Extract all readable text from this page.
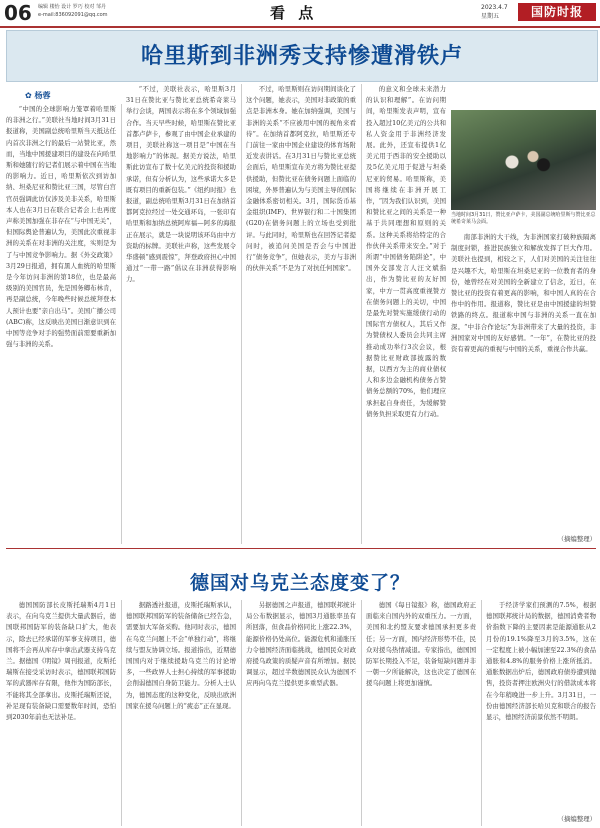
06 编辑 楼怡 设计 罗巧 校对 邹丹
e-mail:836092091@qq.com	看 点	2023.4.7
星期五	国防时报
哈里斯到非洲秀支持惨遭滑铁卢
✿ 杨蓉

“中国的全球影响力笼罩着哈里斯的非洲之行。”美联社当地时间3月31日报道称，美国副总统哈里斯当天抵达任内首次非洲之行的最后一站赞比亚，然而，当地中国援建项目的建设在向哈里斯和她随行的记者们展示着中国在当地的影响力。近日，哈里斯依次到访加纳、坦桑尼亚和赞比亚三国，尽管白宫官员强调此访仅涉及美非关系，哈里斯本人也在3月日在联合记者会上也再度声称美国加强在非存在“与中国无关”，但国际舆论普遍认为，美国此次重视非洲的关系在对非洲的关注度，实则是为了与中国竞争影响力。据《外交政策》3月29日报道，拥有黑人血统的哈里斯是今年访问非洲的第18位，也是最高级别的美国官员，先是国务卿布林肯，再是副总统，今年晚些时候总统拜登本人预计也要“亲自出马”。美国广播公司(ABC)称，这反映出美国日渐意识到在中国等竞争对手的强势面前需要重新加强与非洲的关系。

“不过，美联社表示，哈里斯3月31日在赞比亚与赞比亚总统希奇莱马举行会谈，两国表示将在多个领域加强合作。当天早些时候，哈里斯在赞比亚首都卢萨卡，参观了由中国企业承建的项目，美联社称这一项目是“中国在当地影响力”的体现。据美方说法，哈里斯此访宣布了数十亿美元的投资和援助承诺，但有分析认为，这些承诺大多是既有项目的重新包装。”《纽约时报》也报道，副总统哈里斯3月31日在加纳首都阿克拉经过一处交通环岛，一张印有哈里斯和加纳总统阿库福—阿多的海报正在展示，就是一块说明该环岛由中方资助的标牌。美联社声称，这些发展令华盛顿“感到震惊”，拜登政府担心中国通过“一带一路”倡议在非洲获得影响力。

不过，哈里斯则在访问期间谈化了这个问题，她表示，美国对非政策的重点是非洲本身。她在加纳强调，美国与非洲的关系“不应被用中国的视角来看待”。在加纳首都阿克拉，哈里斯还专门前往一家由中国企业建设的体育场附近发表讲话。在3月31日与赞比亚总统会面后，哈里斯宣布美方将为赞比亚提供援助，但赞比亚在债务问题上面临的困境，外界普遍认为与美国主导的国际金融体系密切相关。3月，国际货币基金组织(IMF)、世界银行和二十国集团(G20)在债务问题上的立场也受到批评。与此同时，哈里斯也在回答记者提问时，被追问美国是否会与中国进行“债务竞争”，但她表示，美方与非洲的伙伴关系“不是为了对抗任何国家”。

的意义和全球未来潜力的认识和理解”。在访问期间，哈里斯发表声明，宣布投入超过10亿美元的公共和私人资金用于非洲经济发展。此外，还宣布提供1亿美元用于西非的安全援助以及5亿美元用于促进与坦桑尼亚的贸易。哈里斯称，美国将继续在非洲开展工作，“因为我们认识到，美国和赞比亚之间的关系是一种基于共同理想和原则的关系。这种关系将给特定的合作伙伴关系带来安全。”对于所谓“中国债务陷阱论”，中国外交部发言人汪文斌指出，作为赞比亚的友好国家，中方一贯高度重视赞方在债务问题上的关切，中国是最先对赞实施缓债行动的国际官方债权人，其后又作为赞债权人委员会共同主席推动成功举行3次会议，根据赞比亚财政部披露的数据，以西方为主的商业债权人和多边金融机构债务占赞债务总额的70%，他们理应承担起自身责任，为缓解赞债务负担采取更有力行动。

当地时间3月31日，赞比亚卢萨卡，美国副总统哈里斯与赞比亚总统希奇莱马会面。

南部非洲的大干线，为非洲国家打破种族隔离制度封锁，推进民族独立和解放发挥了巨大作用。美联社也提到，相较之下，人们对美国的关注往往是兴趣不大，哈里斯在坦桑尼亚的一位教育者的身份，她曾经在对美国的全新建立了信念，近日，在赞比亚的投资有着更高的影响，和中国人真的在合作中的作用。报道称，赞比亚是由中国援建的坦赞铁路的终点。报道称中国与非洲的关系一直在加深。“中非合作论坛”为非洲带来了大量的投资，非洲国家对中国的友好感情。“一年”，在赞比亚的投资有着更高的重视与中国的关系，重视合作共赢。

（摘编整理）
德国对乌克兰态度变了？

德国国防部长皮斯托瑞斯4月1日表示，在向乌克兰提供大量武器后，德国联邦国防军的装备缺口扩大，他表示，除去已经承诺的军事支持项目，德国将不会再从库存中拿出武器支持乌克兰。据德国《明镜》周刊报道，皮斯托瑞斯在接受采访时表示，德国联邦国防军的武器库存有限，他作为国防部长，不能将其全部拿出。皮斯托瑞斯还说，补足现有装备缺口需要数年时间，恐怕到2030年前也无法补足。

据路透社报道，皮斯托瑞斯承认，德国联邦国防军的装备储备已经告急，需要加大军备采购。他同时表示，德国在乌克兰问题上不会“单独行动”，将继续与盟友协调立场。报道指出，近期德国国内对于继续援助乌克兰的讨论增多，一些政界人士担心持续的军事援助会削弱德国自身防卫能力。分析人士认为，德国态度的这种变化，反映出欧洲国家在援乌问题上的“疲态”正在显现。

另据德国之声报道，德国联邦统计局公布数据显示，德国3月通胀率虽有所回落，但食品价格同比上涨22.3%，能源价格仍处高位。能源危机和通胀压力令德国经济面临挑战，德国民众对政府援乌政策的质疑声音有所增加。据民调显示，超过半数德国民众认为德国不应再向乌克兰提供更多重型武器。

德国《每日镜报》称，德国政府正面临来自国内外的双重压力。一方面，美国和北约盟友要求德国承担更多责任；另一方面，国内经济形势不佳，民众对援乌热情减退。专家指出，德国国防军长期投入不足，装备短缺问题并非一朝一夕所能解决，这也决定了德国在援乌问题上将更加谨慎。

于经济学家们预测的7.5%，根据德国联邦统计局的数据，德国消费者物价指数下降的主要因素是能源通胀从2月份的19.1%降至3月的3.5%，这在一定程度上被小幅加速至22.3%的食品通胀和4.8%的服务价格上涨所抵消。通胀数据出炉后，德国政府债券遭到抛售，投资者押注欧洲央行的借款成本将在今年稍晚进一步上升。3月31日，一份由德国经济部长哈贝克和联合的报告显示，德国经济前景依然不明朗。

（摘编整理）
